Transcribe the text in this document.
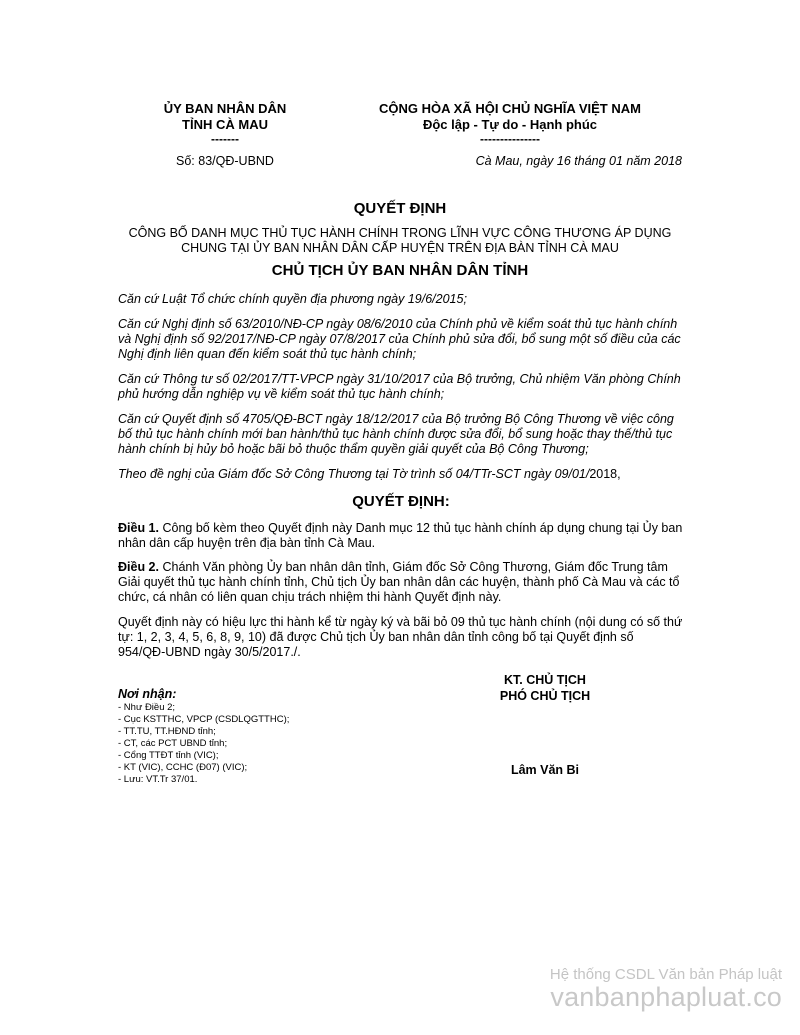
ỦY BAN NHÂN DÂN
TỈNH CÀ MAU
-------
CỘNG HÒA XÃ HỘI CHỦ NGHĨA VIỆT NAM
Độc lập - Tự do - Hạnh phúc
---------------
Số: 83/QĐ-UBND	Cà Mau, ngày 16 tháng 01 năm 2018
QUYẾT ĐỊNH
CÔNG BỐ DANH MỤC THỦ TỤC HÀNH CHÍNH TRONG LĨNH VỰC CÔNG THƯƠNG ÁP DỤNG CHUNG TẠI ỦY BAN NHÂN DÂN CẤP HUYỆN TRÊN ĐỊA BÀN TỈNH CÀ MAU
CHỦ TỊCH ỦY BAN NHÂN DÂN TỈNH

Căn cứ Luật Tổ chức chính quyền địa phương ngày 19/6/2015;

Căn cứ Nghị định số 63/2010/NĐ-CP ngày 08/6/2010 của Chính phủ về kiểm soát thủ tục hành chính và Nghị định số 92/2017/NĐ-CP ngày 07/8/2017 của Chính phủ sửa đổi, bổ sung một số điều của các Nghị định liên quan đến kiểm soát thủ tục hành chính;

Căn cứ Thông tư số 02/2017/TT-VPCP ngày 31/10/2017 của Bộ trưởng, Chủ nhiệm Văn phòng Chính phủ hướng dẫn nghiệp vụ về kiểm soát thủ tục hành chính;

Căn cứ Quyết định số 4705/QĐ-BCT ngày 18/12/2017 của Bộ trưởng Bộ Công Thương về việc công bố thủ tục hành chính mới ban hành/thủ tục hành chính được sửa đổi, bổ sung hoặc thay thế/thủ tục hành chính bị hủy bỏ hoặc bãi bỏ thuộc thẩm quyền giải quyết của Bộ Công Thương;

Theo đề nghị của Giám đốc Sở Công Thương tại Tờ trình số 04/TTr-SCT ngày 09/01/2018,

QUYẾT ĐỊNH:

Điều 1. Công bố kèm theo Quyết định này Danh mục 12 thủ tục hành chính áp dụng chung tại Ủy ban nhân dân cấp huyện trên địa bàn tỉnh Cà Mau.

Điều 2. Chánh Văn phòng Ủy ban nhân dân tỉnh, Giám đốc Sở Công Thương, Giám đốc Trung tâm Giải quyết thủ tục hành chính tỉnh, Chủ tịch Ủy ban nhân dân các huyện, thành phố Cà Mau và các tổ chức, cá nhân có liên quan chịu trách nhiệm thi hành Quyết định này.

Quyết định này có hiệu lực thi hành kể từ ngày ký và bãi bỏ 09 thủ tục hành chính (nội dung có số thứ tự: 1, 2, 3, 4, 5, 6, 8, 9, 10) đã được Chủ tịch Ủy ban nhân dân tỉnh công bố tại Quyết định số 954/QĐ-UBND ngày 30/5/2017./.

KT. CHỦ TỊCH
PHÓ CHỦ TỊCH
Lâm Văn Bi
Nơi nhận:
- Như Điều 2;
- Cục KSTTHC, VPCP (CSDLQGTTHC);
- TT.TU, TT.HĐND tỉnh;
- CT, các PCT UBND tỉnh;
- Cổng TTĐT tỉnh (VIC);
- KT (VIC), CCHC (Đ07) (VIC);
- Lưu: VT.Tr 37/01.
Hệ thống CSDL Văn bản Pháp luật
vanbanphapluat.co
